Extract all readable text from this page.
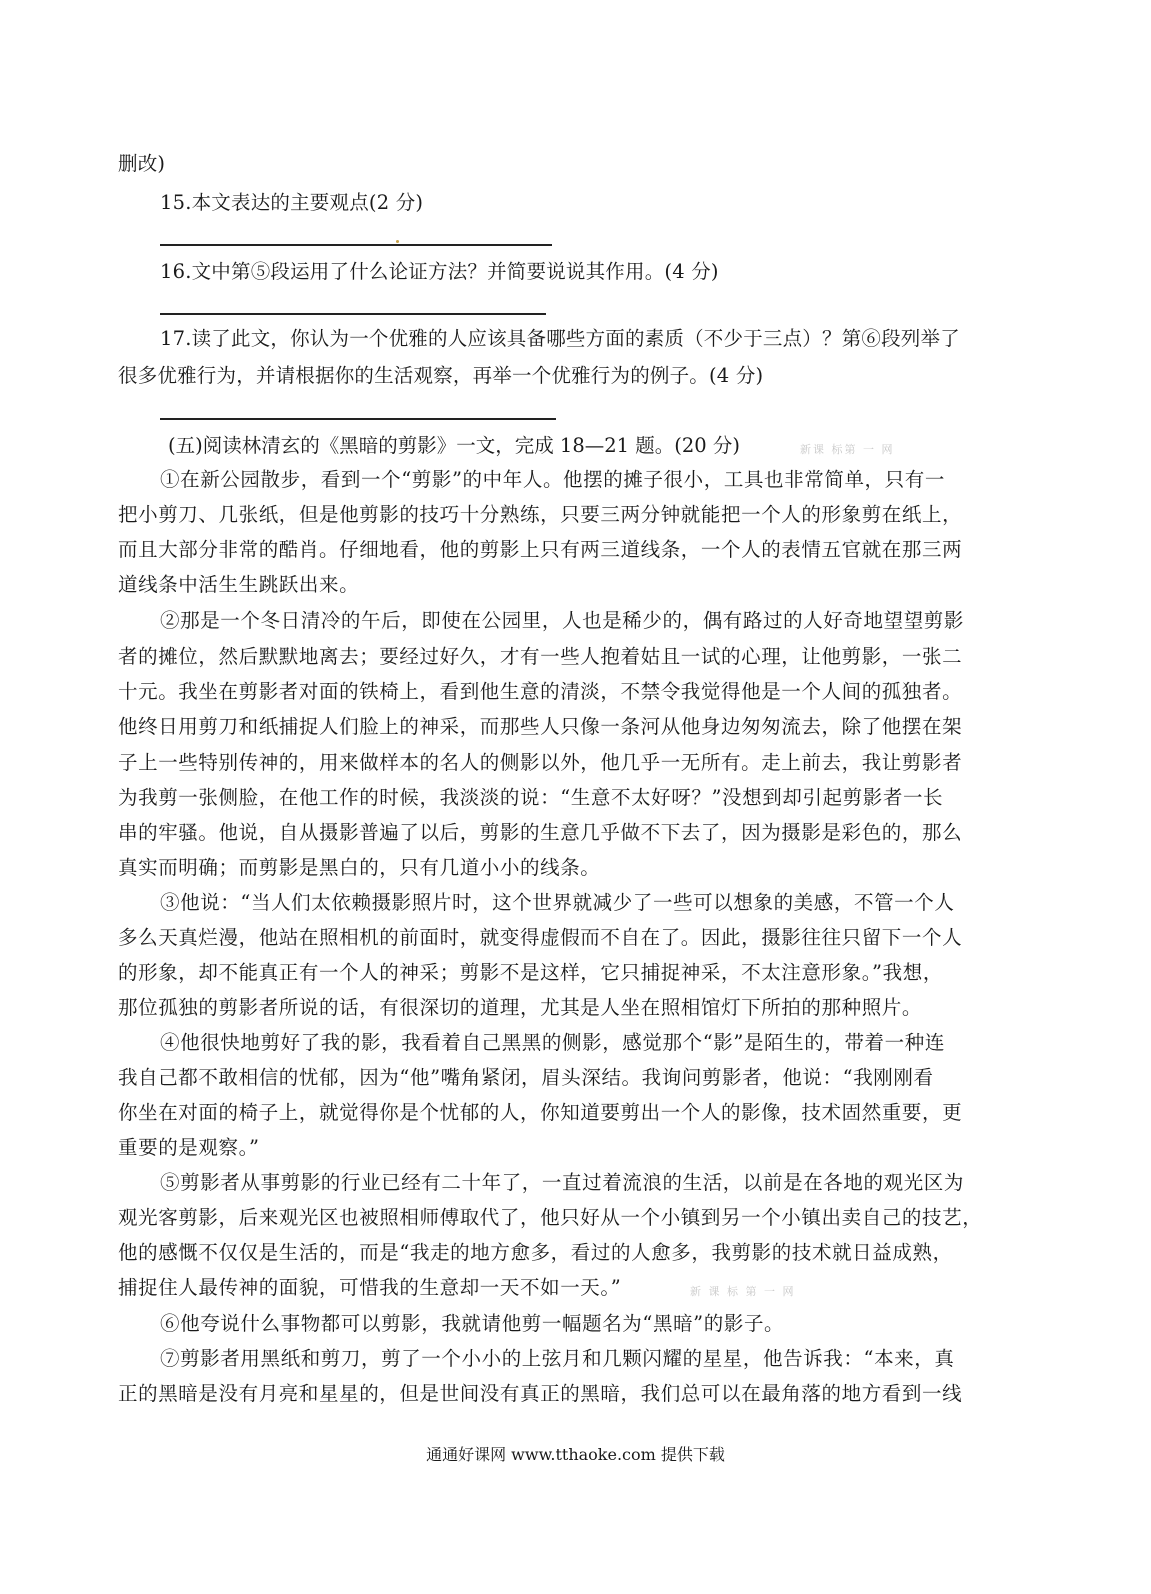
删改)
15.本文表达的主要观点(2 分)
16.文中第⑤段运用了什么论证方法？并简要说说其作用。(4 分)
17.读了此文，你认为一个优雅的人应该具备哪些方面的素质（不少于三点）？第⑥段列举了
很多优雅行为，并请根据你的生活观察，再举一个优雅行为的例子。(4 分)
(五)阅读林清玄的《黑暗的剪影》一文，完成 18—21 题。(20 分)	新课 标第 一 网
①在新公园散步，看到一个“剪影”的中年人。他摆的摊子很小，工具也非常简单，只有一
把小剪刀、几张纸，但是他剪影的技巧十分熟练，只要三两分钟就能把一个人的形象剪在纸上，
而且大部分非常的酷肖。仔细地看，他的剪影上只有两三道线条，一个人的表情五官就在那三两
道线条中活生生跳跃出来。
②那是一个冬日清冷的午后，即使在公园里，人也是稀少的，偶有路过的人好奇地望望剪影
者的摊位，然后默默地离去；要经过好久，才有一些人抱着姑且一试的心理，让他剪影，一张二
十元。我坐在剪影者对面的铁椅上，看到他生意的清淡，不禁令我觉得他是一个人间的孤独者。
他终日用剪刀和纸捕捉人们脸上的神采，而那些人只像一条河从他身边匆匆流去，除了他摆在架
子上一些特别传神的，用来做样本的名人的侧影以外，他几乎一无所有。走上前去，我让剪影者
为我剪一张侧脸，在他工作的时候，我淡淡的说：“生意不太好呀？”没想到却引起剪影者一长
串的牢骚。他说，自从摄影普遍了以后，剪影的生意几乎做不下去了，因为摄影是彩色的，那么
真实而明确；而剪影是黑白的，只有几道小小的线条。
③他说：“当人们太依赖摄影照片时，这个世界就减少了一些可以想象的美感，不管一个人
多么天真烂漫，他站在照相机的前面时，就变得虚假而不自在了。因此，摄影往往只留下一个人
的形象，却不能真正有一个人的神采；剪影不是这样，它只捕捉神采，不太注意形象。”我想，
那位孤独的剪影者所说的话，有很深切的道理，尤其是人坐在照相馆灯下所拍的那种照片。
④他很快地剪好了我的影，我看着自己黑黑的侧影，感觉那个“影”是陌生的，带着一种连
我自己都不敢相信的忧郁，因为“他”嘴角紧闭，眉头深结。我询问剪影者，他说：“我刚刚看
你坐在对面的椅子上，就觉得你是个忧郁的人，你知道要剪出一个人的影像，技术固然重要，更
重要的是观察。”
⑤剪影者从事剪影的行业已经有二十年了，一直过着流浪的生活，以前是在各地的观光区为
观光客剪影，后来观光区也被照相师傅取代了，他只好从一个小镇到另一个小镇出卖自己的技艺，
他的感慨不仅仅是生活的，而是“我走的地方愈多，看过的人愈多，我剪影的技术就日益成熟，
捕捉住人最传神的面貌，可惜我的生意却一天不如一天。”	新 课 标 第 一 网
⑥他夸说什么事物都可以剪影，我就请他剪一幅题名为“黑暗”的影子。
⑦剪影者用黑纸和剪刀，剪了一个小小的上弦月和几颗闪耀的星星，他告诉我：“本来，真
正的黑暗是没有月亮和星星的，但是世间没有真正的黑暗，我们总可以在最角落的地方看到一线
通通好课网 www.tthaoke.com 提供下载
